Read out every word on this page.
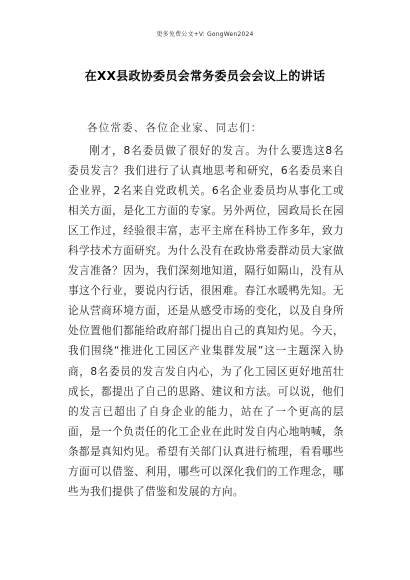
更多免费公文+V: GongWen2024
在XX县政协委员会常务委员会会议上的讲话
各位常委、各位企业家、同志们：

刚才，8名委员做了很好的发言。为什么要选这8名委员发言？我们进行了认真地思考和研究，6名委员来自企业界，2名来自党政机关。6名企业委员均从事化工或相关方面，是化工方面的专家。另外两位，园政局长在园区工作过，经验很丰富，志平主席在科协工作多年，致力科学技术方面研究。为什么没有在政协常委群动员大家做发言准备？因为，我们深刻地知道，隔行如隔山，没有从事这个行业，要说内行话，很困难。春江水暖鸭先知。无论从营商环境方面，还是从感受市场的变化，以及自身所处位置他们都能给政府部门提出自己的真知灼见。今天，我们围绕“推进化工园区产业集群发展”这一主题深入协商，8名委员的发言发自内心，为了化工园区更好地茁壮成长，都提出了自己的思路、建议和方法。可以说，他们的发言已超出了自身企业的能力，站在了一个更高的层面，是一个负责任的化工企业在此时发自内心地呐喊，条条都是真知灼见。希望有关部门认真进行梳理，看看哪些方面可以借鉴、利用，哪些可以深化我们的工作理念，哪些为我们提供了借鉴和发展的方向。
